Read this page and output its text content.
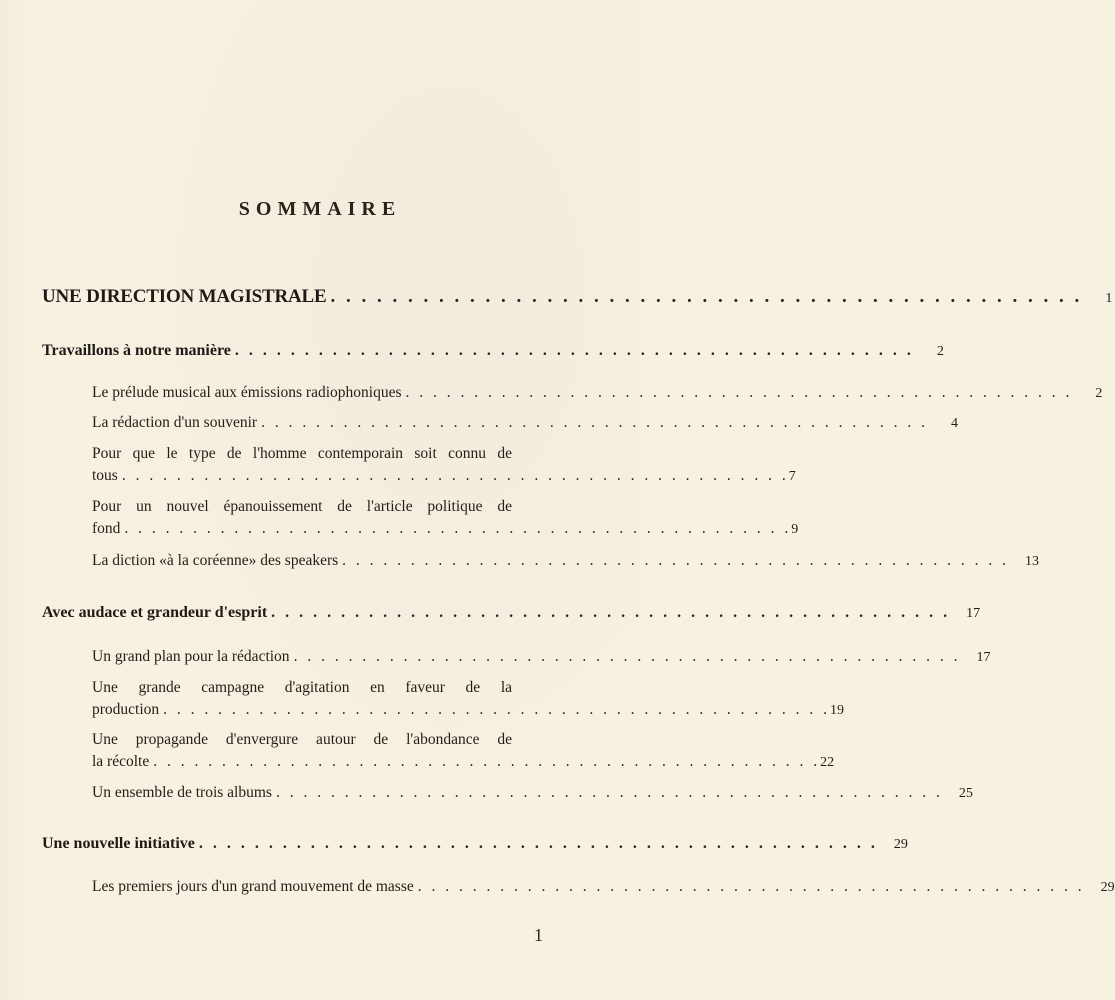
SOMMAIRE
UNE DIRECTION MAGISTRALE . . . . . . . . . . . . . . . . . . . . . . . . . . . . . . . . . . . . . . . . . . . . . . . . .	1
Travaillons à notre manière . . . . . . . . . . . . . . . . . . . . . . . . . . . . . . . . . . . . . . . . . . . . . . . . .	2
Le prélude musical aux émissions radiophoniques . . . . . . . . . . . . . . . . . . . . . . . . . . . . . . . . . . . . . . . . . . . . . . . . .	2
La rédaction d'un souvenir . . . . . . . . . . . . . . . . . . . . . . . . . . . . . . . . . . . . . . . . . . . . . . . . .	4
Pour que le type de l'homme contemporain soit connu de
tous . . . . . . . . . . . . . . . . . . . . . . . . . . . . . . . . . . . . . . . . . . . . . . . . . 7
Pour un nouvel épanouissement de l'article politique de
fond . . . . . . . . . . . . . . . . . . . . . . . . . . . . . . . . . . . . . . . . . . . . . . . . . 9
La diction «à la coréenne» des speakers . . . . . . . . . . . . . . . . . . . . . . . . . . . . . . . . . . . . . . . . . . . . . . . . .	13
Avec audace et grandeur d'esprit . . . . . . . . . . . . . . . . . . . . . . . . . . . . . . . . . . . . . . . . . . . . . . . . .	17
Un grand plan pour la rédaction . . . . . . . . . . . . . . . . . . . . . . . . . . . . . . . . . . . . . . . . . . . . . . . . .	17
Une grande campagne d'agitation en faveur de la
production . . . . . . . . . . . . . . . . . . . . . . . . . . . . . . . . . . . . . . . . . . . . . . . . . 19
Une propagande d'envergure autour de l'abondance de
la récolte . . . . . . . . . . . . . . . . . . . . . . . . . . . . . . . . . . . . . . . . . . . . . . . . . 22
Un ensemble de trois albums . . . . . . . . . . . . . . . . . . . . . . . . . . . . . . . . . . . . . . . . . . . . . . . . .	25
Une nouvelle initiative . . . . . . . . . . . . . . . . . . . . . . . . . . . . . . . . . . . . . . . . . . . . . . . . .	29
Les premiers jours d'un grand mouvement de masse . . . . . . . . . . . . . . . . . . . . . . . . . . . . . . . . . . . . . . . . . . . . . . . . .	29
1
